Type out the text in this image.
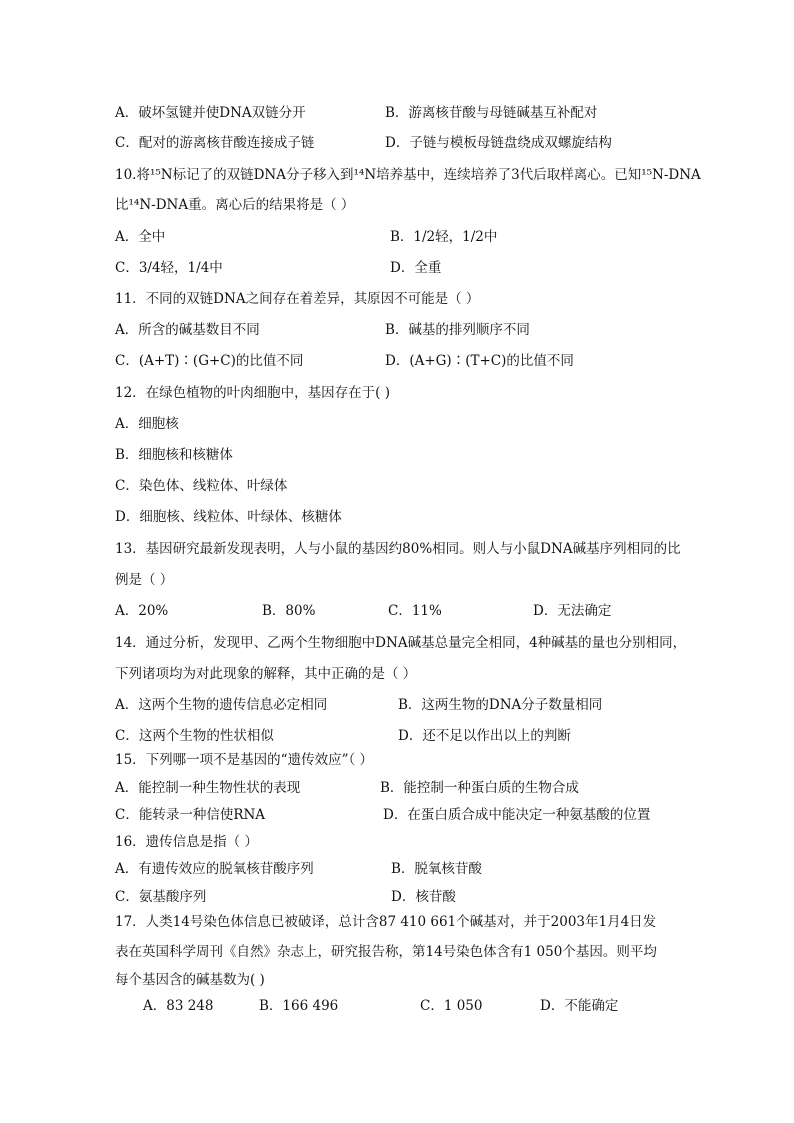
A．破坏氢键并使DNA双链分开	B．游离核苷酸与母链碱基互补配对
C．配对的游离核苷酸连接成子链	D．子链与模板母链盘绕成双螺旋结构
10.将¹⁵N标记了的双链DNA分子移入到¹⁴N培养基中，连续培养了3代后取样离心。已知¹⁵N-DNA
比¹⁴N-DNA重。离心后的结果将是（ ）
A．全中	B．1/2轻，1/2中
C．3/4轻，1/4中	D．全重
11．不同的双链DNA之间存在着差异，其原因不可能是（ ）
A．所含的碱基数目不同	B．碱基的排列顺序不同
C．(A+T)∶(G+C)的比值不同	D．(A+G)∶(T+C)的比值不同
12．在绿色植物的叶肉细胞中，基因存在于( )
A．细胞核
B．细胞核和核糖体
C．染色体、线粒体、叶绿体
D．细胞核、线粒体、叶绿体、核糖体
13．基因研究最新发现表明，人与小鼠的基因约80%相同。则人与小鼠DNA碱基序列相同的比
例是（ ）
A．20%	B．80%	C．11%	D．无法确定
14．通过分析，发现甲、乙两个生物细胞中DNA碱基总量完全相同，4种碱基的量也分别相同，
下列诸项均为对此现象的解释，其中正确的是（ ）
A．这两个生物的遗传信息必定相同	B．这两生物的DNA分子数量相同
C．这两个生物的性状相似	D．还不足以作出以上的判断
15．下列哪一项不是基因的“遗传效应”（ ）
A．能控制一种生物性状的表现	B．能控制一种蛋白质的生物合成
C．能转录一种信使RNA	D．在蛋白质合成中能决定一种氨基酸的位置
16．遗传信息是指（ ）
A．有遗传效应的脱氧核苷酸序列	B．脱氧核苷酸
C．氨基酸序列	D．核苷酸
17．人类14号染色体信息已被破译，总计含87 410 661个碱基对，并于2003年1月4日发
表在英国科学周刊《自然》杂志上，研究报告称，第14号染色体含有1 050个基因。则平均
每个基因含的碱基数为( )
A．83 248	B．166 496	C．1 050	D．不能确定
